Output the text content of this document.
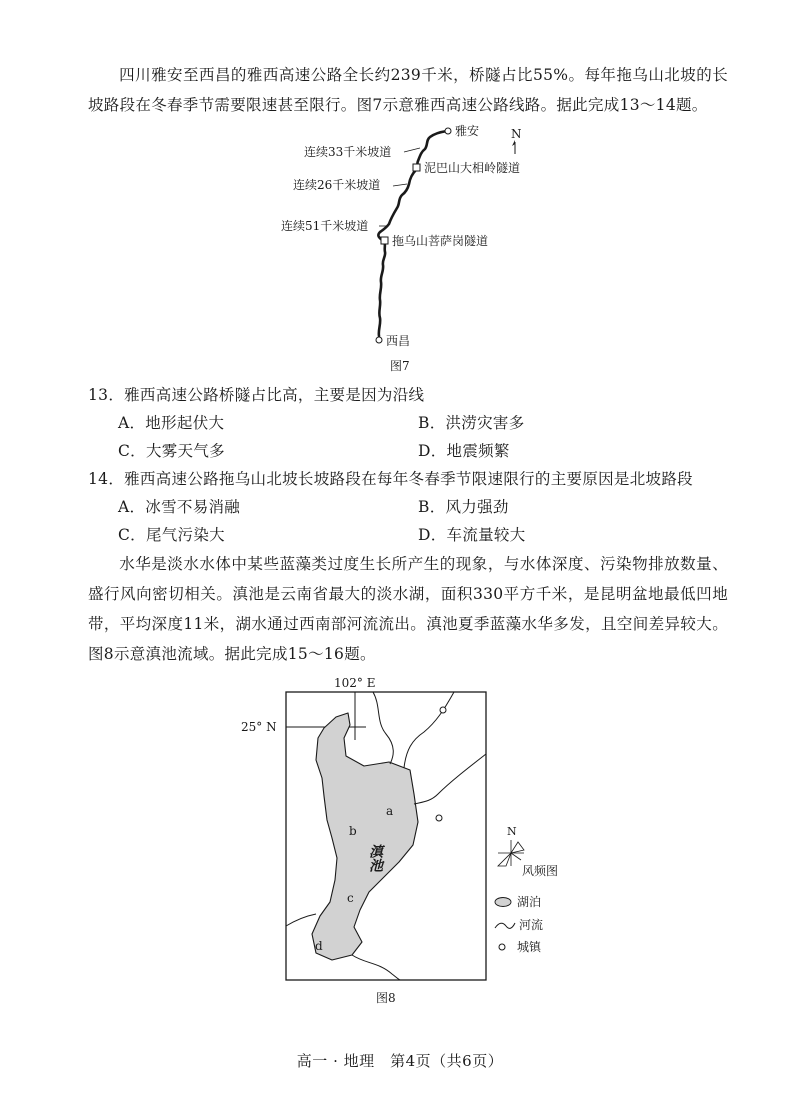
四川雅安至西昌的雅西高速公路全长约239千米，桥隧占比55%。每年拖乌山北坡的长坡路段在冬春季节需要限速甚至限行。图7示意雅西高速公路线路。据此完成13～14题。
N
雅安
西昌
泥巴山大相岭隧道
拖乌山菩萨岗隧道
连续33千米坡道
连续26千米坡道
连续51千米坡道
图7
13．雅西高速公路桥隧占比高，主要是因为沿线
A．地形起伏大	B．洪涝灾害多
C．大雾天气多	D．地震频繁
14．雅西高速公路拖乌山北坡长坡路段在每年冬春季节限速限行的主要原因是北坡路段
A．冰雪不易消融	B．风力强劲
C．尾气污染大	D．车流量较大
水华是淡水水体中某些蓝藻类过度生长所产生的现象，与水体深度、污染物排放数量、盛行风向密切相关。滇池是云南省最大的淡水湖，面积330平方千米，是昆明盆地最低凹地带，平均深度11米，湖水通过西南部河流流出。滇池夏季蓝藻水华多发，且空间差异较大。图8示意滇池流域。据此完成15～16题。
102° E
25° N
a
b
c
d
滇池
N
风频图
湖泊
河流
城镇
图8
高一 · 地理　第4页（共6页）
